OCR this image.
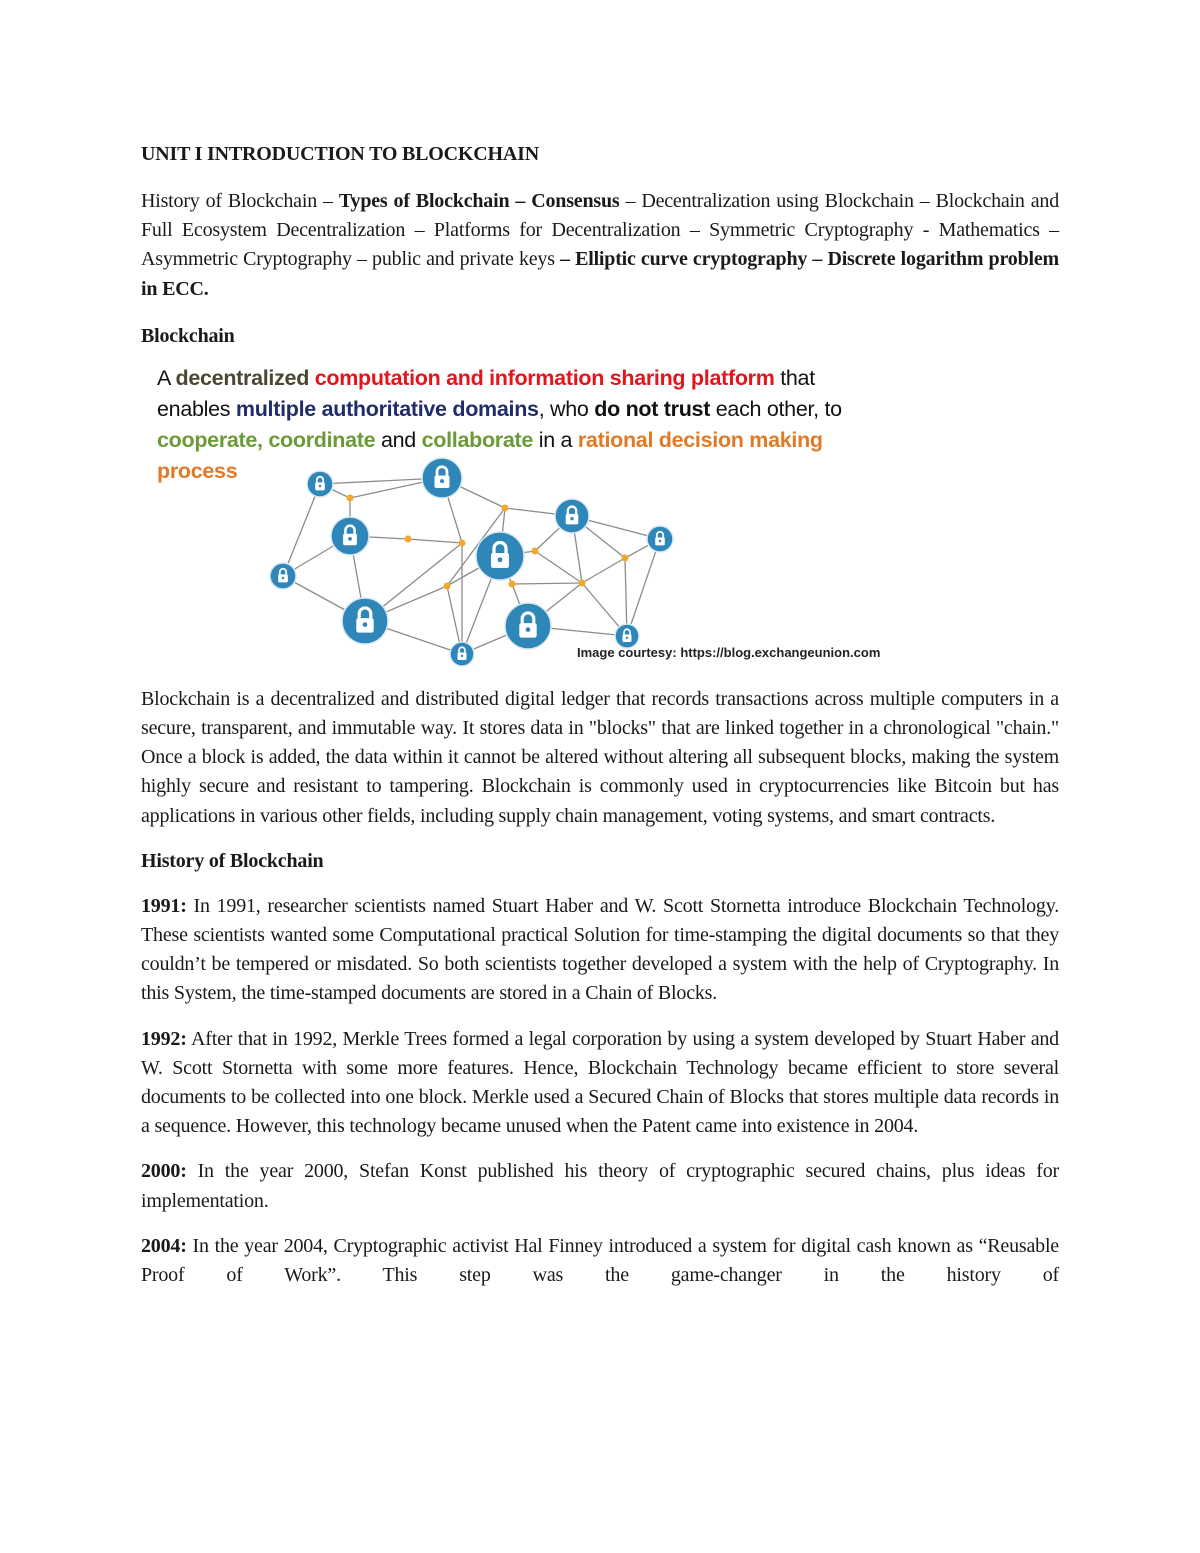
UNIT I INTRODUCTION TO BLOCKCHAIN

History of Blockchain – Types of Blockchain – Consensus – Decentralization using Blockchain – Blockchain and Full Ecosystem Decentralization – Platforms for Decentralization – Symmetric Cryptography - Mathematics – Asymmetric Cryptography – public and private keys – Elliptic curve cryptography – Discrete logarithm problem in ECC.

Blockchain

A decentralized computation and information sharing platform that enables multiple authoritative domains, who do not trust each other, to cooperate, coordinate and collaborate in a rational decision making process
Image courtesy: https://blog.exchangeunion.com

Blockchain is a decentralized and distributed digital ledger that records transactions across multiple computers in a secure, transparent, and immutable way. It stores data in "blocks" that are linked together in a chronological "chain." Once a block is added, the data within it cannot be altered without altering all subsequent blocks, making the system highly secure and resistant to tampering. Blockchain is commonly used in cryptocurrencies like Bitcoin but has applications in various other fields, including supply chain management, voting systems, and smart contracts.

History of Blockchain

1991: In 1991, researcher scientists named Stuart Haber and W. Scott Stornetta introduce Blockchain Technology. These scientists wanted some Computational practical Solution for time-stamping the digital documents so that they couldn’t be tempered or misdated. So both scientists together developed a system with the help of Cryptography. In this System, the time-stamped documents are stored in a Chain of Blocks.

1992: After that in 1992, Merkle Trees formed a legal corporation by using a system developed by Stuart Haber and W. Scott Stornetta with some more features. Hence, Blockchain Technology became efficient to store several documents to be collected into one block. Merkle used a Secured Chain of Blocks that stores multiple data records in a sequence. However, this technology became unused when the Patent came into existence in 2004.

2000: In the year 2000, Stefan Konst published his theory of cryptographic secured chains, plus ideas for implementation.

2004: In the year 2004, Cryptographic activist Hal Finney introduced a system for digital cash known as “Reusable Proof of Work”. This step was the game-changer in the history of
